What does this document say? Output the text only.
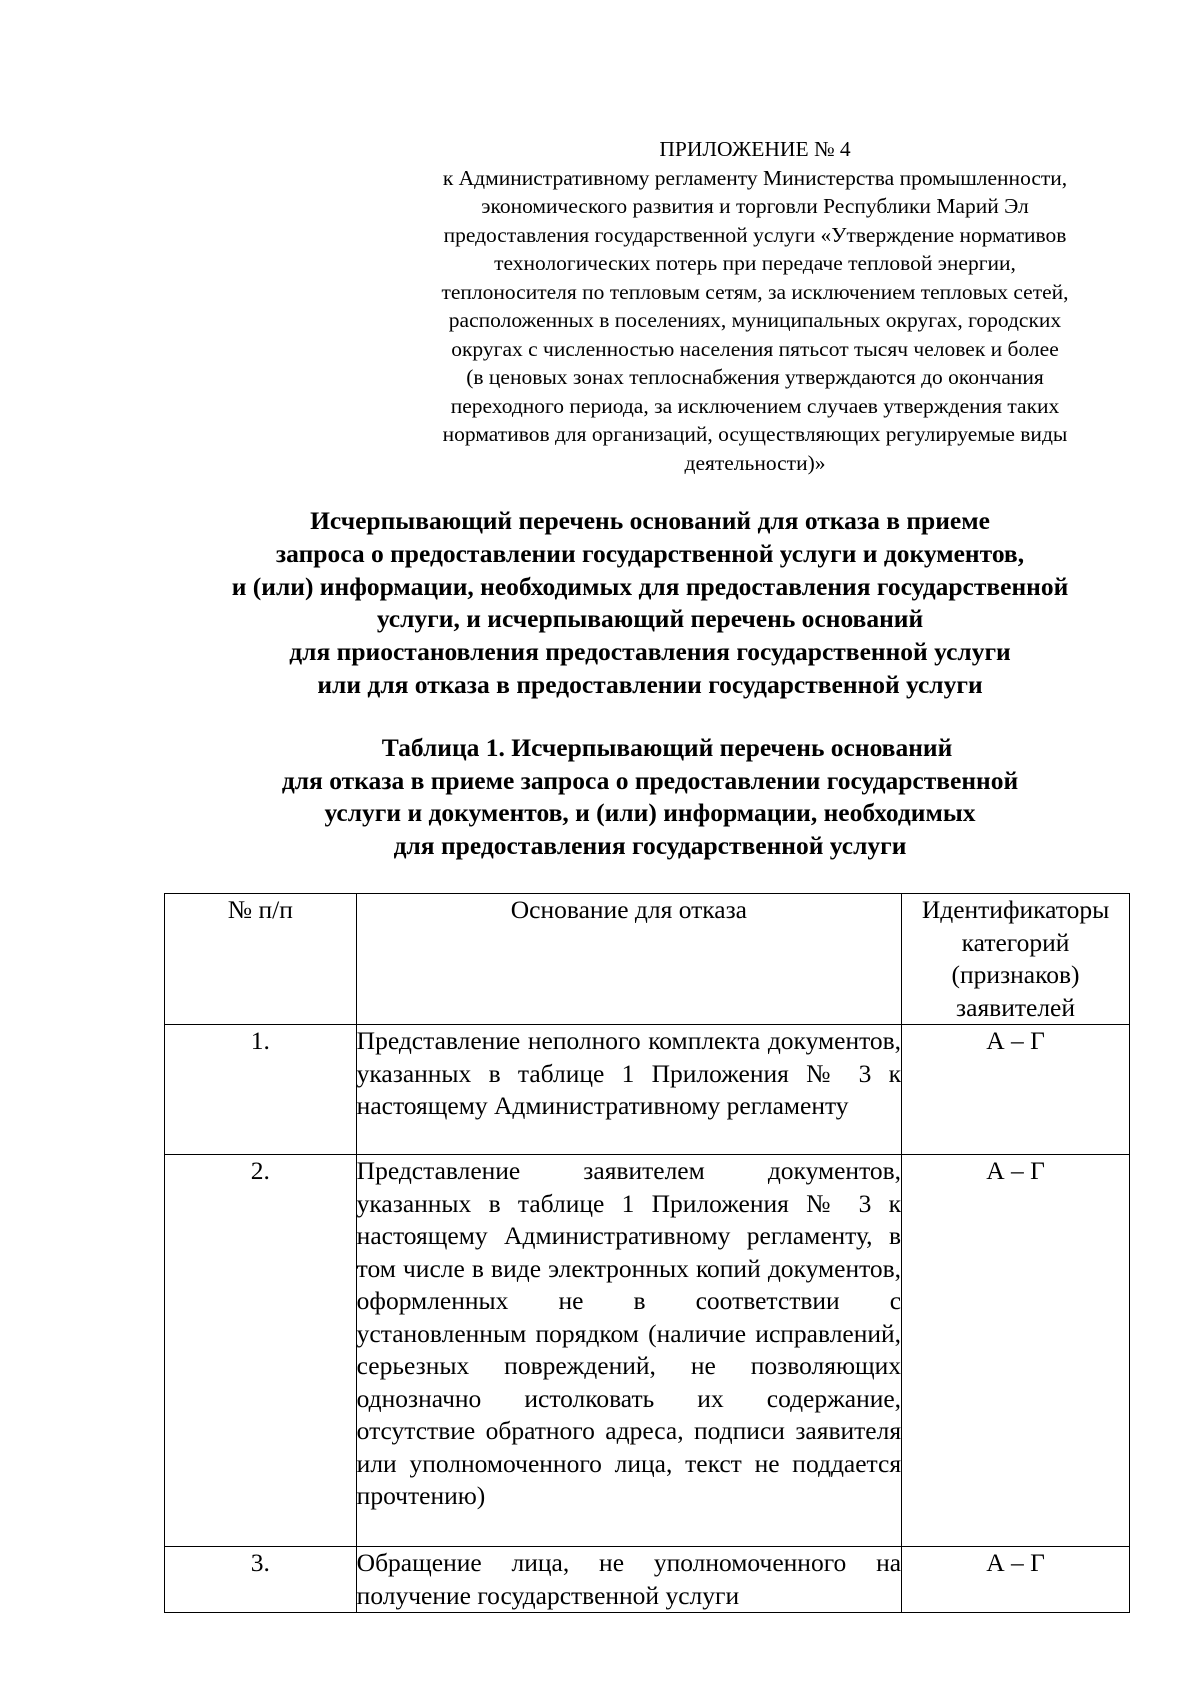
ПРИЛОЖЕНИЕ № 4
к Административному регламенту Министерства промышленности,
экономического развития и торговли Республики Марий Эл
предоставления государственной услуги «Утверждение нормативов
технологических потерь при передаче тепловой энергии,
теплоносителя по тепловым сетям, за исключением тепловых сетей,
расположенных в поселениях, муниципальных округах, городских
округах с численностью населения пятьсот тысяч человек и более
(в ценовых зонах теплоснабжения утверждаются до окончания
переходного периода, за исключением случаев утверждения таких
нормативов для организаций, осуществляющих регулируемые виды
деятельности)»
Исчерпывающий перечень оснований для отказа в приеме
запроса о предоставлении государственной услуги и документов,
и (или) информации, необходимых для предоставления государственной
услуги, и исчерпывающий перечень оснований
для приостановления предоставления государственной услуги
или для отказа в предоставлении государственной услуги
Таблица 1. Исчерпывающий перечень оснований
для отказа в приеме запроса о предоставлении государственной
услуги и документов, и (или) информации, необходимых
для предоставления государственной услуги
№ п/п	Основание для отказа	Идентификаторы категорий (признаков) заявителей
1.	Представление неполного комплекта документов, указанных в таблице 1 Приложения № 3 к настоящему Административному регламенту	А – Г
2.	Представление заявителем документов, указанных в таблице 1 Приложения № 3 к настоящему Административному регламенту, в том числе в виде электронных копий документов, оформленных не в соответствии с установленным порядком (наличие исправлений, серьезных повреждений, не позволяющих однозначно истолковать их содержание, отсутствие обратного адреса, подписи заявителя или уполномоченного лица, текст не поддается прочтению)	А – Г
3.	Обращение лица, не уполномоченного на получение государственной услуги	А – Г
